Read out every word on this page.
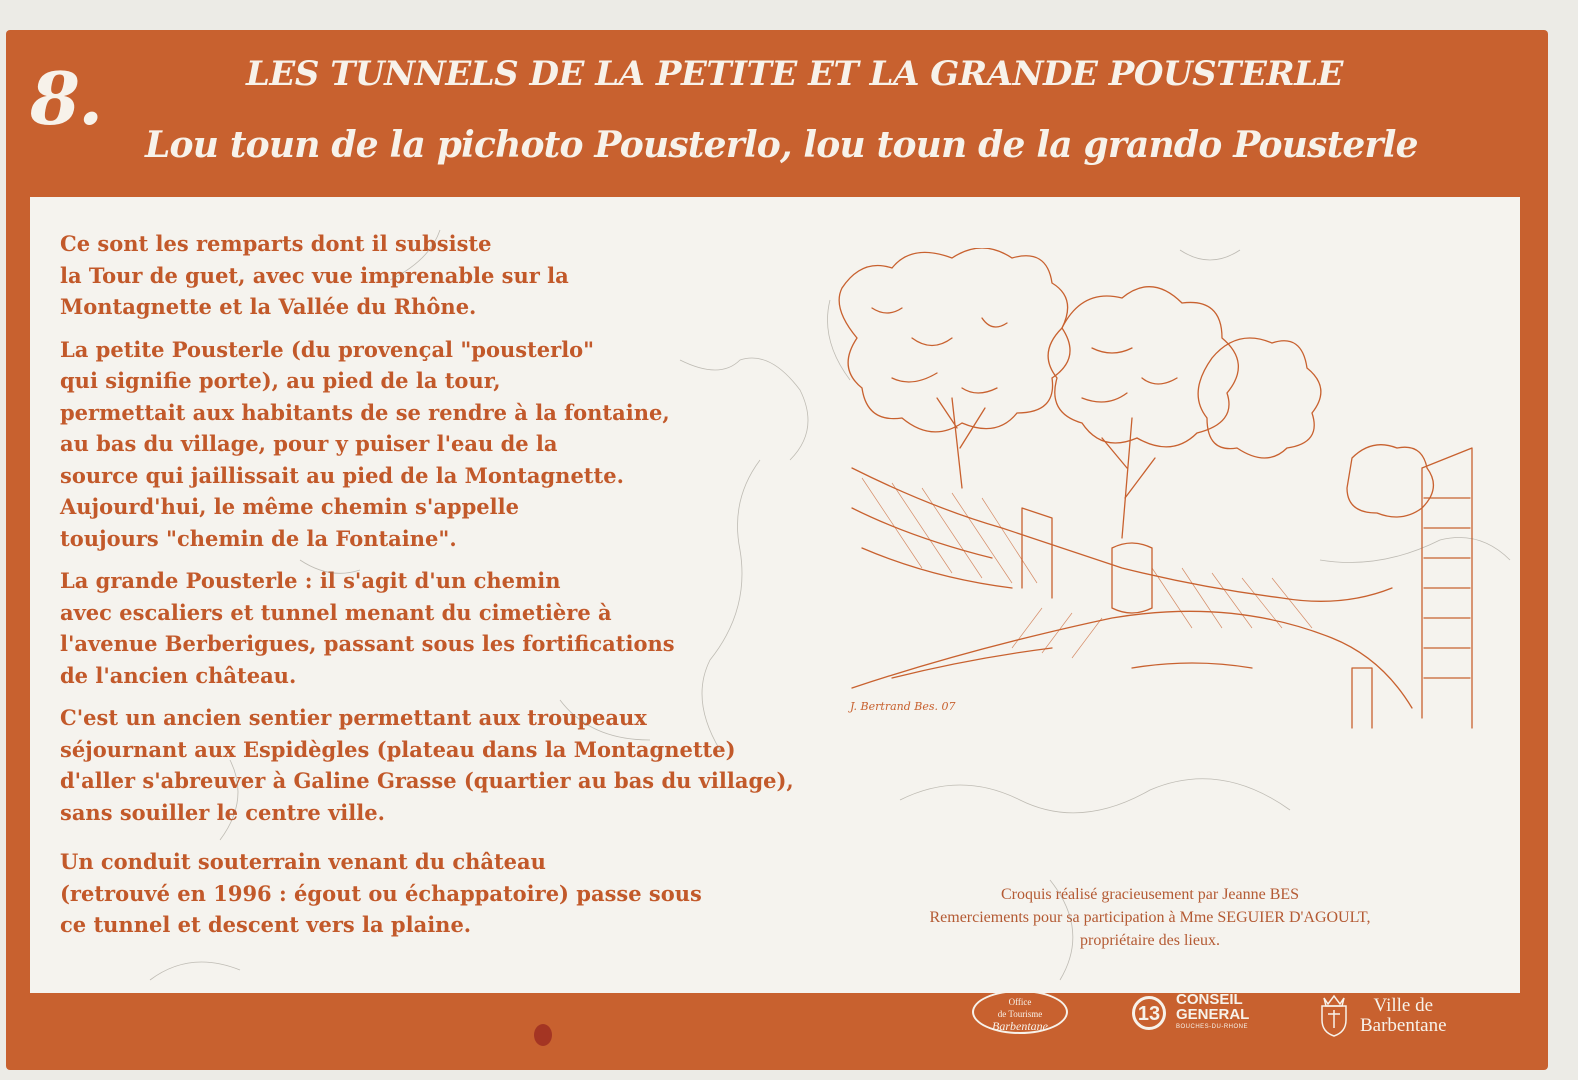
8.	LES TUNNELS DE LA PETITE ET LA GRANDE POUSTERLE
Lou toun de la pichoto Pousterlo, lou toun de la grando Pousterle

Ce sont les remparts dont il subsiste
la Tour de guet, avec vue imprenable sur la
Montagnette et la Vallée du Rhône.

La petite Pousterle (du provençal "pousterlo"
qui signifie porte), au pied de la tour,
permettait aux habitants de se rendre à la fontaine,
au bas du village, pour y puiser l'eau de la
source qui jaillissait au pied de la Montagnette.
Aujourd'hui, le même chemin s'appelle
toujours "chemin de la Fontaine".

La grande Pousterle : il s'agit d'un chemin
avec escaliers et tunnel menant du cimetière à
l'avenue Berberigues, passant sous les fortifications
de l'ancien château.

C'est un ancien sentier permettant aux troupeaux
séjournant aux Espidègles (plateau dans la Montagnette)
d'aller s'abreuver à Galine Grasse (quartier au bas du village),
sans souiller le centre ville.

Un conduit souterrain venant du château
(retrouvé en 1996 : égout ou échappatoire) passe sous
ce tunnel et descent vers la plaine.

J. Bertrand Bes. 07
Croquis réalisé gracieusement par Jeanne BES
Remerciements pour sa participation à Mme SEGUIER D'AGOULT,
propriétaire des lieux.
Office
de Tourisme
Barbentane
13
CONSEIL
GENERAL
BOUCHES-DU-RHONE
Ville de
Barbentane
